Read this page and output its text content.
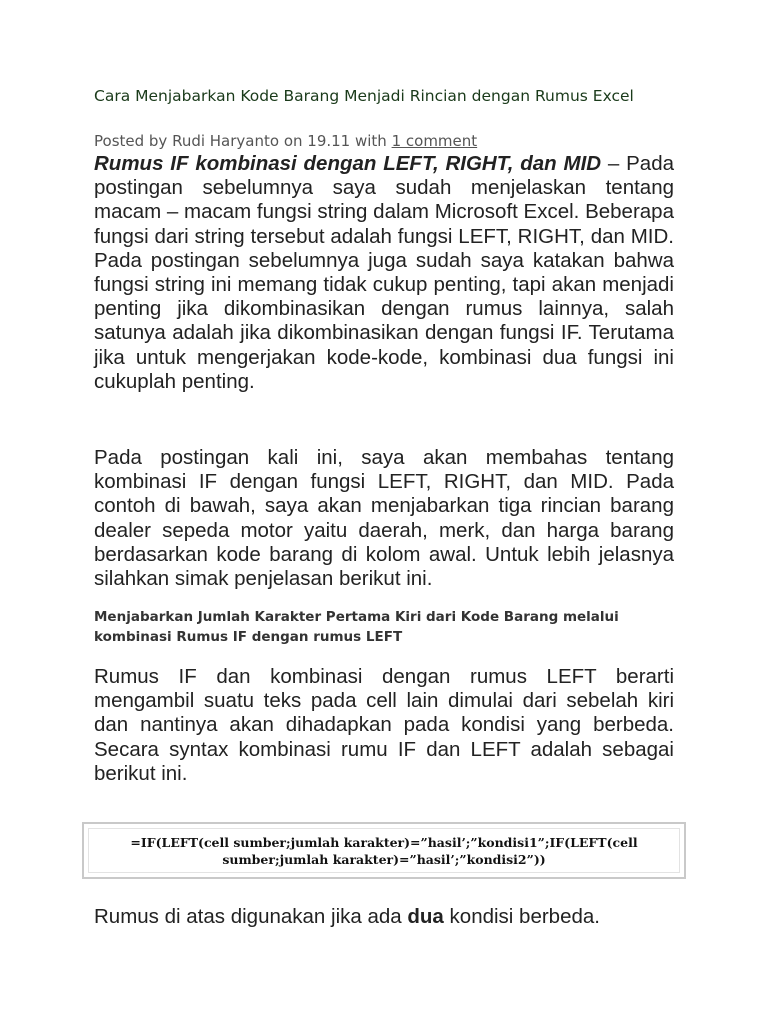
Cara Menjabarkan Kode Barang Menjadi Rincian dengan Rumus Excel
Posted by Rudi Haryanto on 19.11 with 1 comment
Rumus IF kombinasi dengan LEFT, RIGHT, dan MID – Pada postingan sebelumnya saya sudah menjelaskan tentang macam – macam fungsi string dalam Microsoft Excel. Beberapa fungsi dari string tersebut adalah fungsi LEFT, RIGHT, dan MID. Pada postingan sebelumnya juga sudah saya katakan bahwa fungsi string ini memang tidak cukup penting, tapi akan menjadi penting jika dikombinasikan dengan rumus lainnya, salah satunya adalah jika dikombinasikan dengan fungsi IF. Terutama jika untuk mengerjakan kode-kode, kombinasi dua fungsi ini cukuplah penting.
Pada postingan kali ini, saya akan membahas tentang kombinasi IF dengan fungsi LEFT, RIGHT, dan MID. Pada contoh di bawah, saya akan menjabarkan tiga rincian barang dealer sepeda motor yaitu daerah, merk, dan harga barang berdasarkan kode barang di kolom awal. Untuk lebih jelasnya silahkan simak penjelasan berikut ini.
Menjabarkan Jumlah Karakter Pertama Kiri dari Kode Barang melalui kombinasi Rumus IF dengan rumus LEFT
Rumus IF dan kombinasi dengan rumus LEFT berarti mengambil suatu teks pada cell lain dimulai dari sebelah kiri dan nantinya akan dihadapkan pada kondisi yang berbeda. Secara syntax kombinasi rumu IF dan LEFT adalah sebagai berikut ini.
=IF(LEFT(cell sumber;jumlah karakter)=”hasil’;”kondisi1”;IF(LEFT(cell
sumber;jumlah karakter)=”hasil’;”kondisi2”))
Rumus di atas digunakan jika ada dua kondisi berbeda.
